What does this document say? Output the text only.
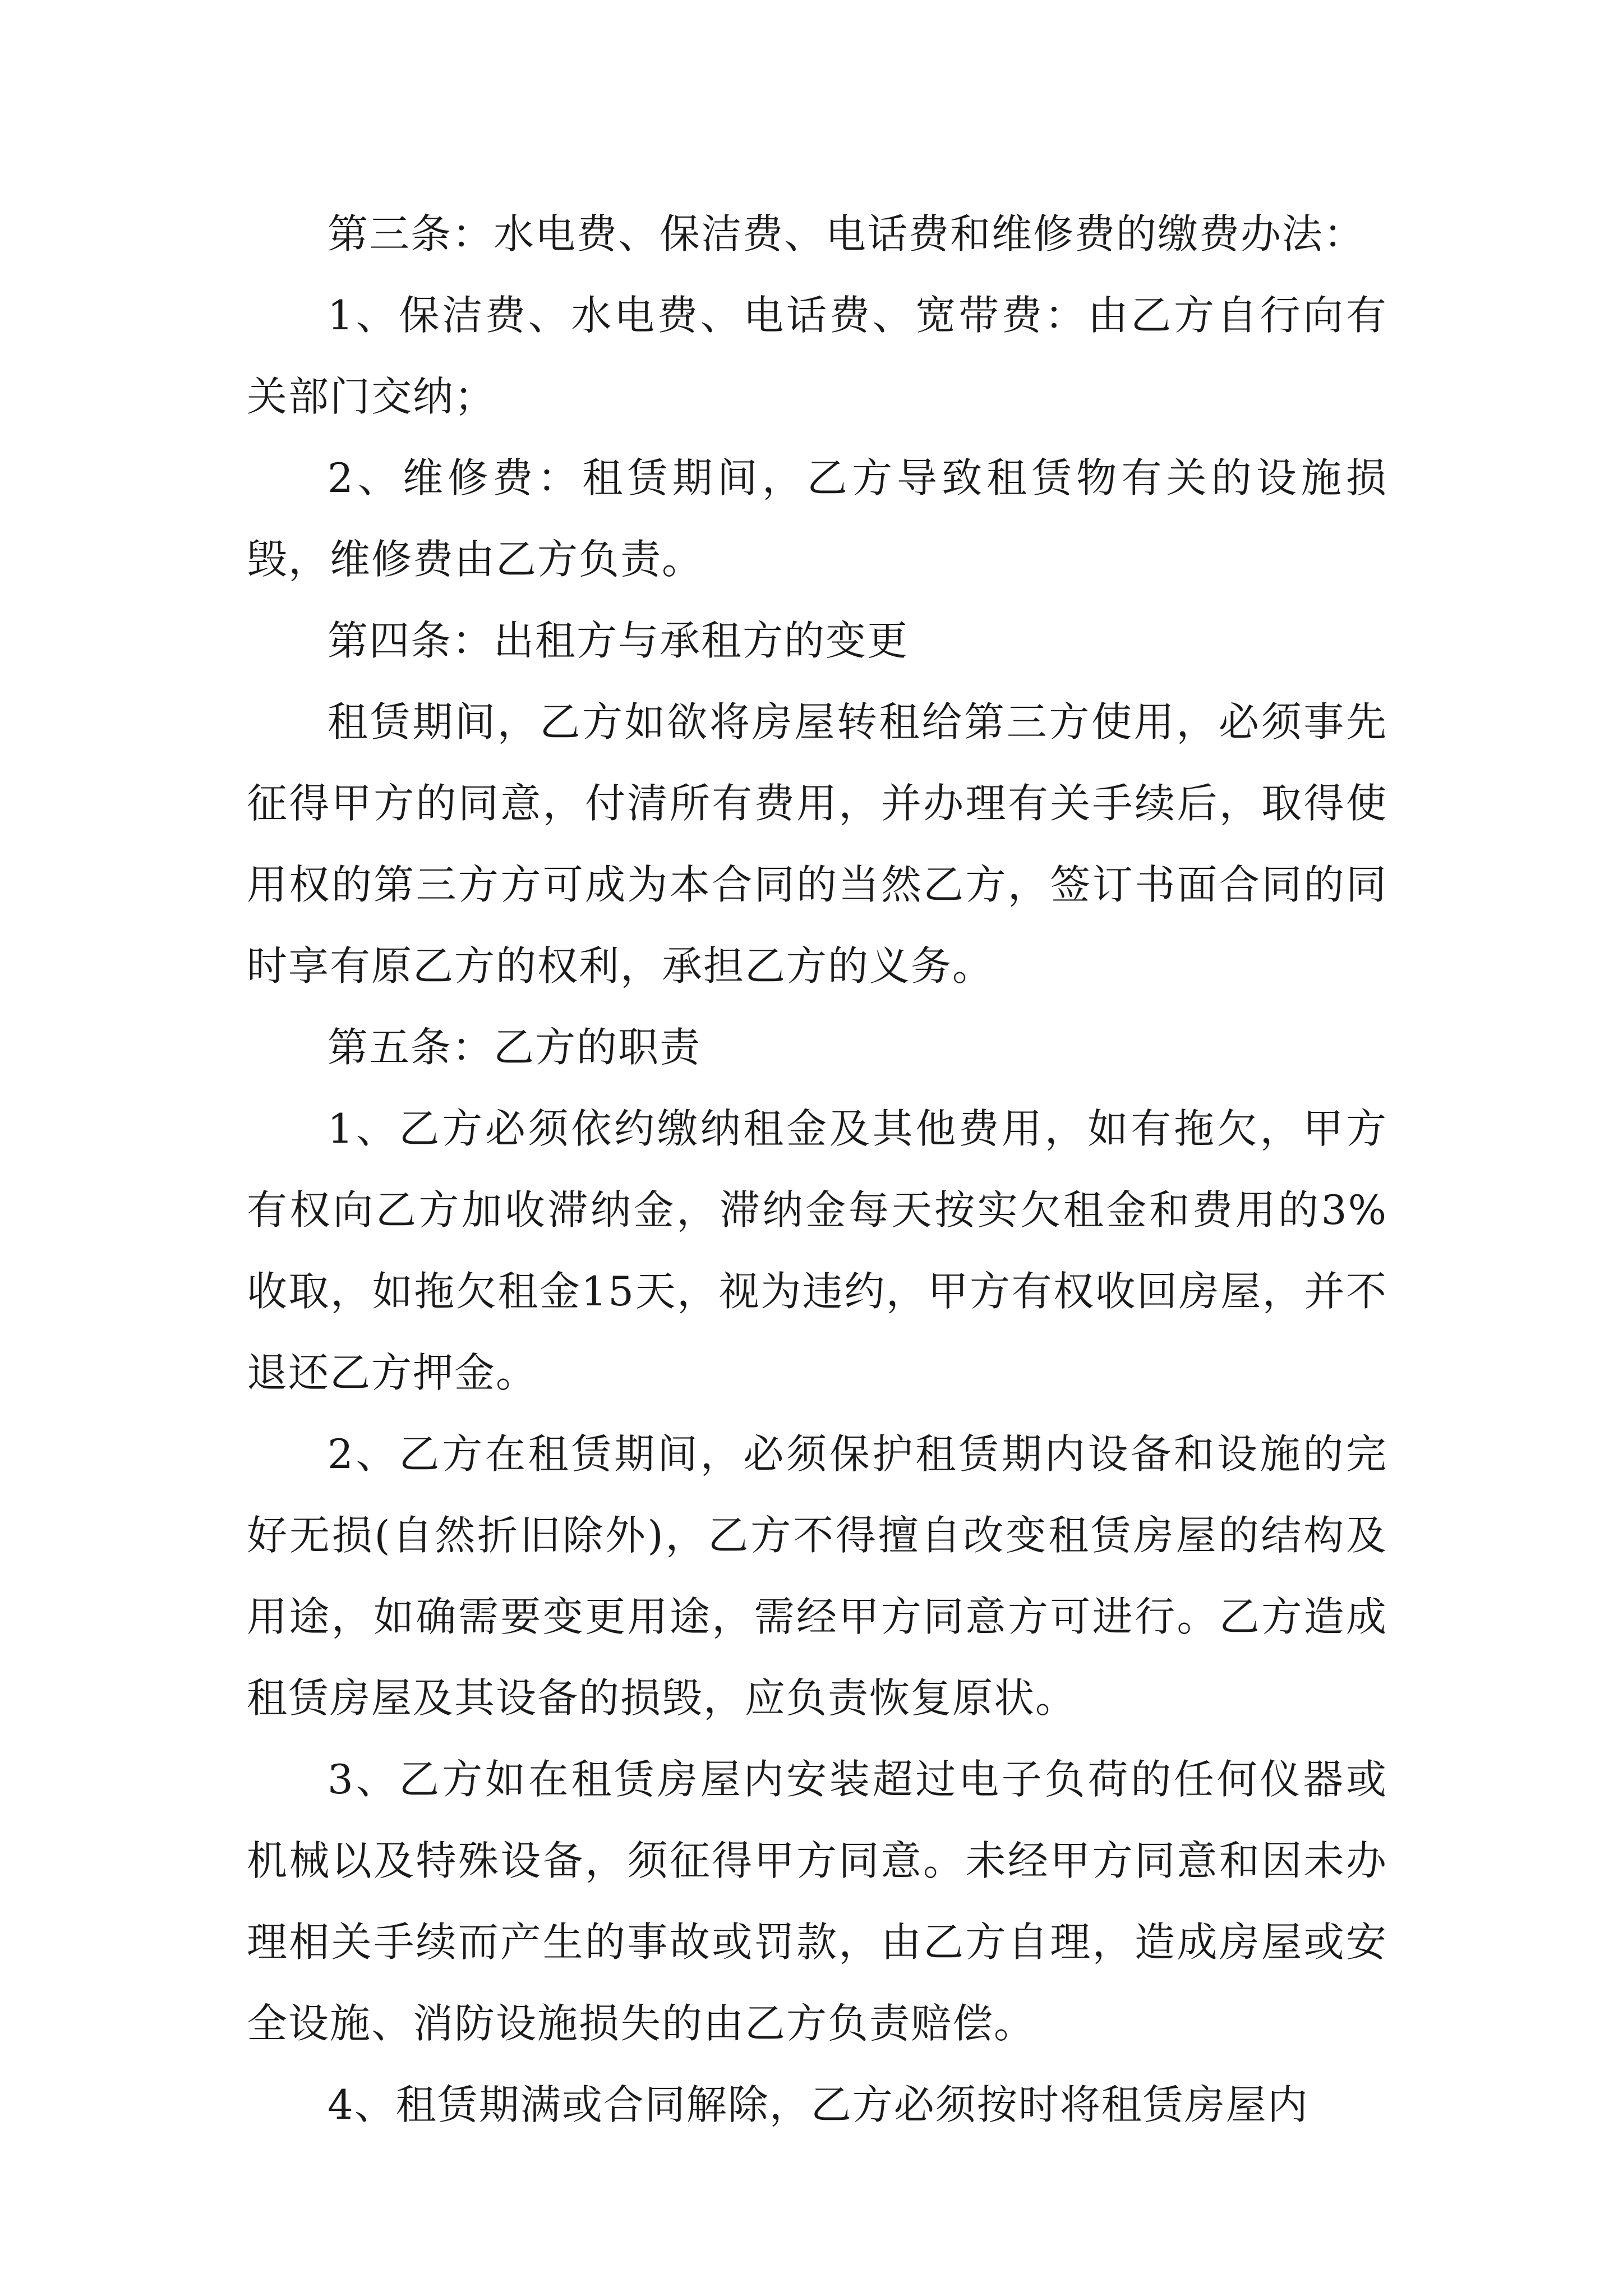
第三条：水电费、保洁费、电话费和维修费的缴费办法：

1、保洁费、水电费、电话费、宽带费：由乙方自行向有关部门交纳；

2、维修费：租赁期间，乙方导致租赁物有关的设施损毁，维修费由乙方负责。

第四条：出租方与承租方的变更

租赁期间，乙方如欲将房屋转租给第三方使用，必须事先征得甲方的同意，付清所有费用，并办理有关手续后，取得使用权的第三方方可成为本合同的当然乙方，签订书面合同的同时享有原乙方的权利，承担乙方的义务。

第五条：乙方的职责

1、乙方必须依约缴纳租金及其他费用，如有拖欠，甲方有权向乙方加收滞纳金，滞纳金每天按实欠租金和费用的3%收取，如拖欠租金15天，视为违约，甲方有权收回房屋，并不退还乙方押金。

2、乙方在租赁期间，必须保护租赁期内设备和设施的完好无损(自然折旧除外)，乙方不得擅自改变租赁房屋的结构及用途，如确需要变更用途，需经甲方同意方可进行。乙方造成租赁房屋及其设备的损毁，应负责恢复原状。

3、乙方如在租赁房屋内安装超过电子负荷的任何仪器或机械以及特殊设备，须征得甲方同意。未经甲方同意和因未办理相关手续而产生的事故或罚款，由乙方自理，造成房屋或安全设施、消防设施损失的由乙方负责赔偿。

4、租赁期满或合同解除，乙方必须按时将租赁房屋内
